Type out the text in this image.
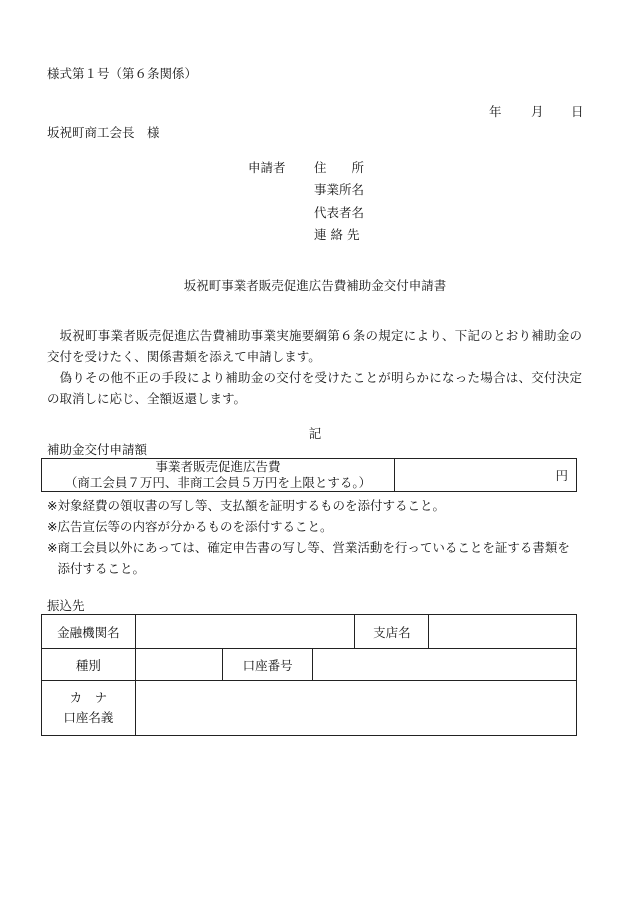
様式第１号（第６条関係）
年 月 日
坂祝町商工会長　様
申請者 住　　所
事業所名
代表者名
連 絡 先
坂祝町事業者販売促進広告費補助金交付申請書

坂祝町事業者販売促進広告費補助事業実施要綱第６条の規定により、下記のとおり補助金の交付を受けたく、関係書類を添えて申請します。

偽りその他不正の手段により補助金の交付を受けたことが明らかになった場合は、交付決定の取消しに応じ、全額返還します。

記
補助金交付申請額
事業者販売促進広告費
（商工会員７万円、非商工会員５万円を上限とする。）	円
※ 対象経費の領収書の写し等、支払額を証明するものを添付すること。
※ 広告宣伝等の内容が分かるものを添付すること。
※ 商工会員以外にあっては、確定申告書の写し等、営業活動を行っていることを証する書類を添付すること。
振込先
金融機関名				支店名	
種別		口座番号			

カ　ナ
口座名義					
